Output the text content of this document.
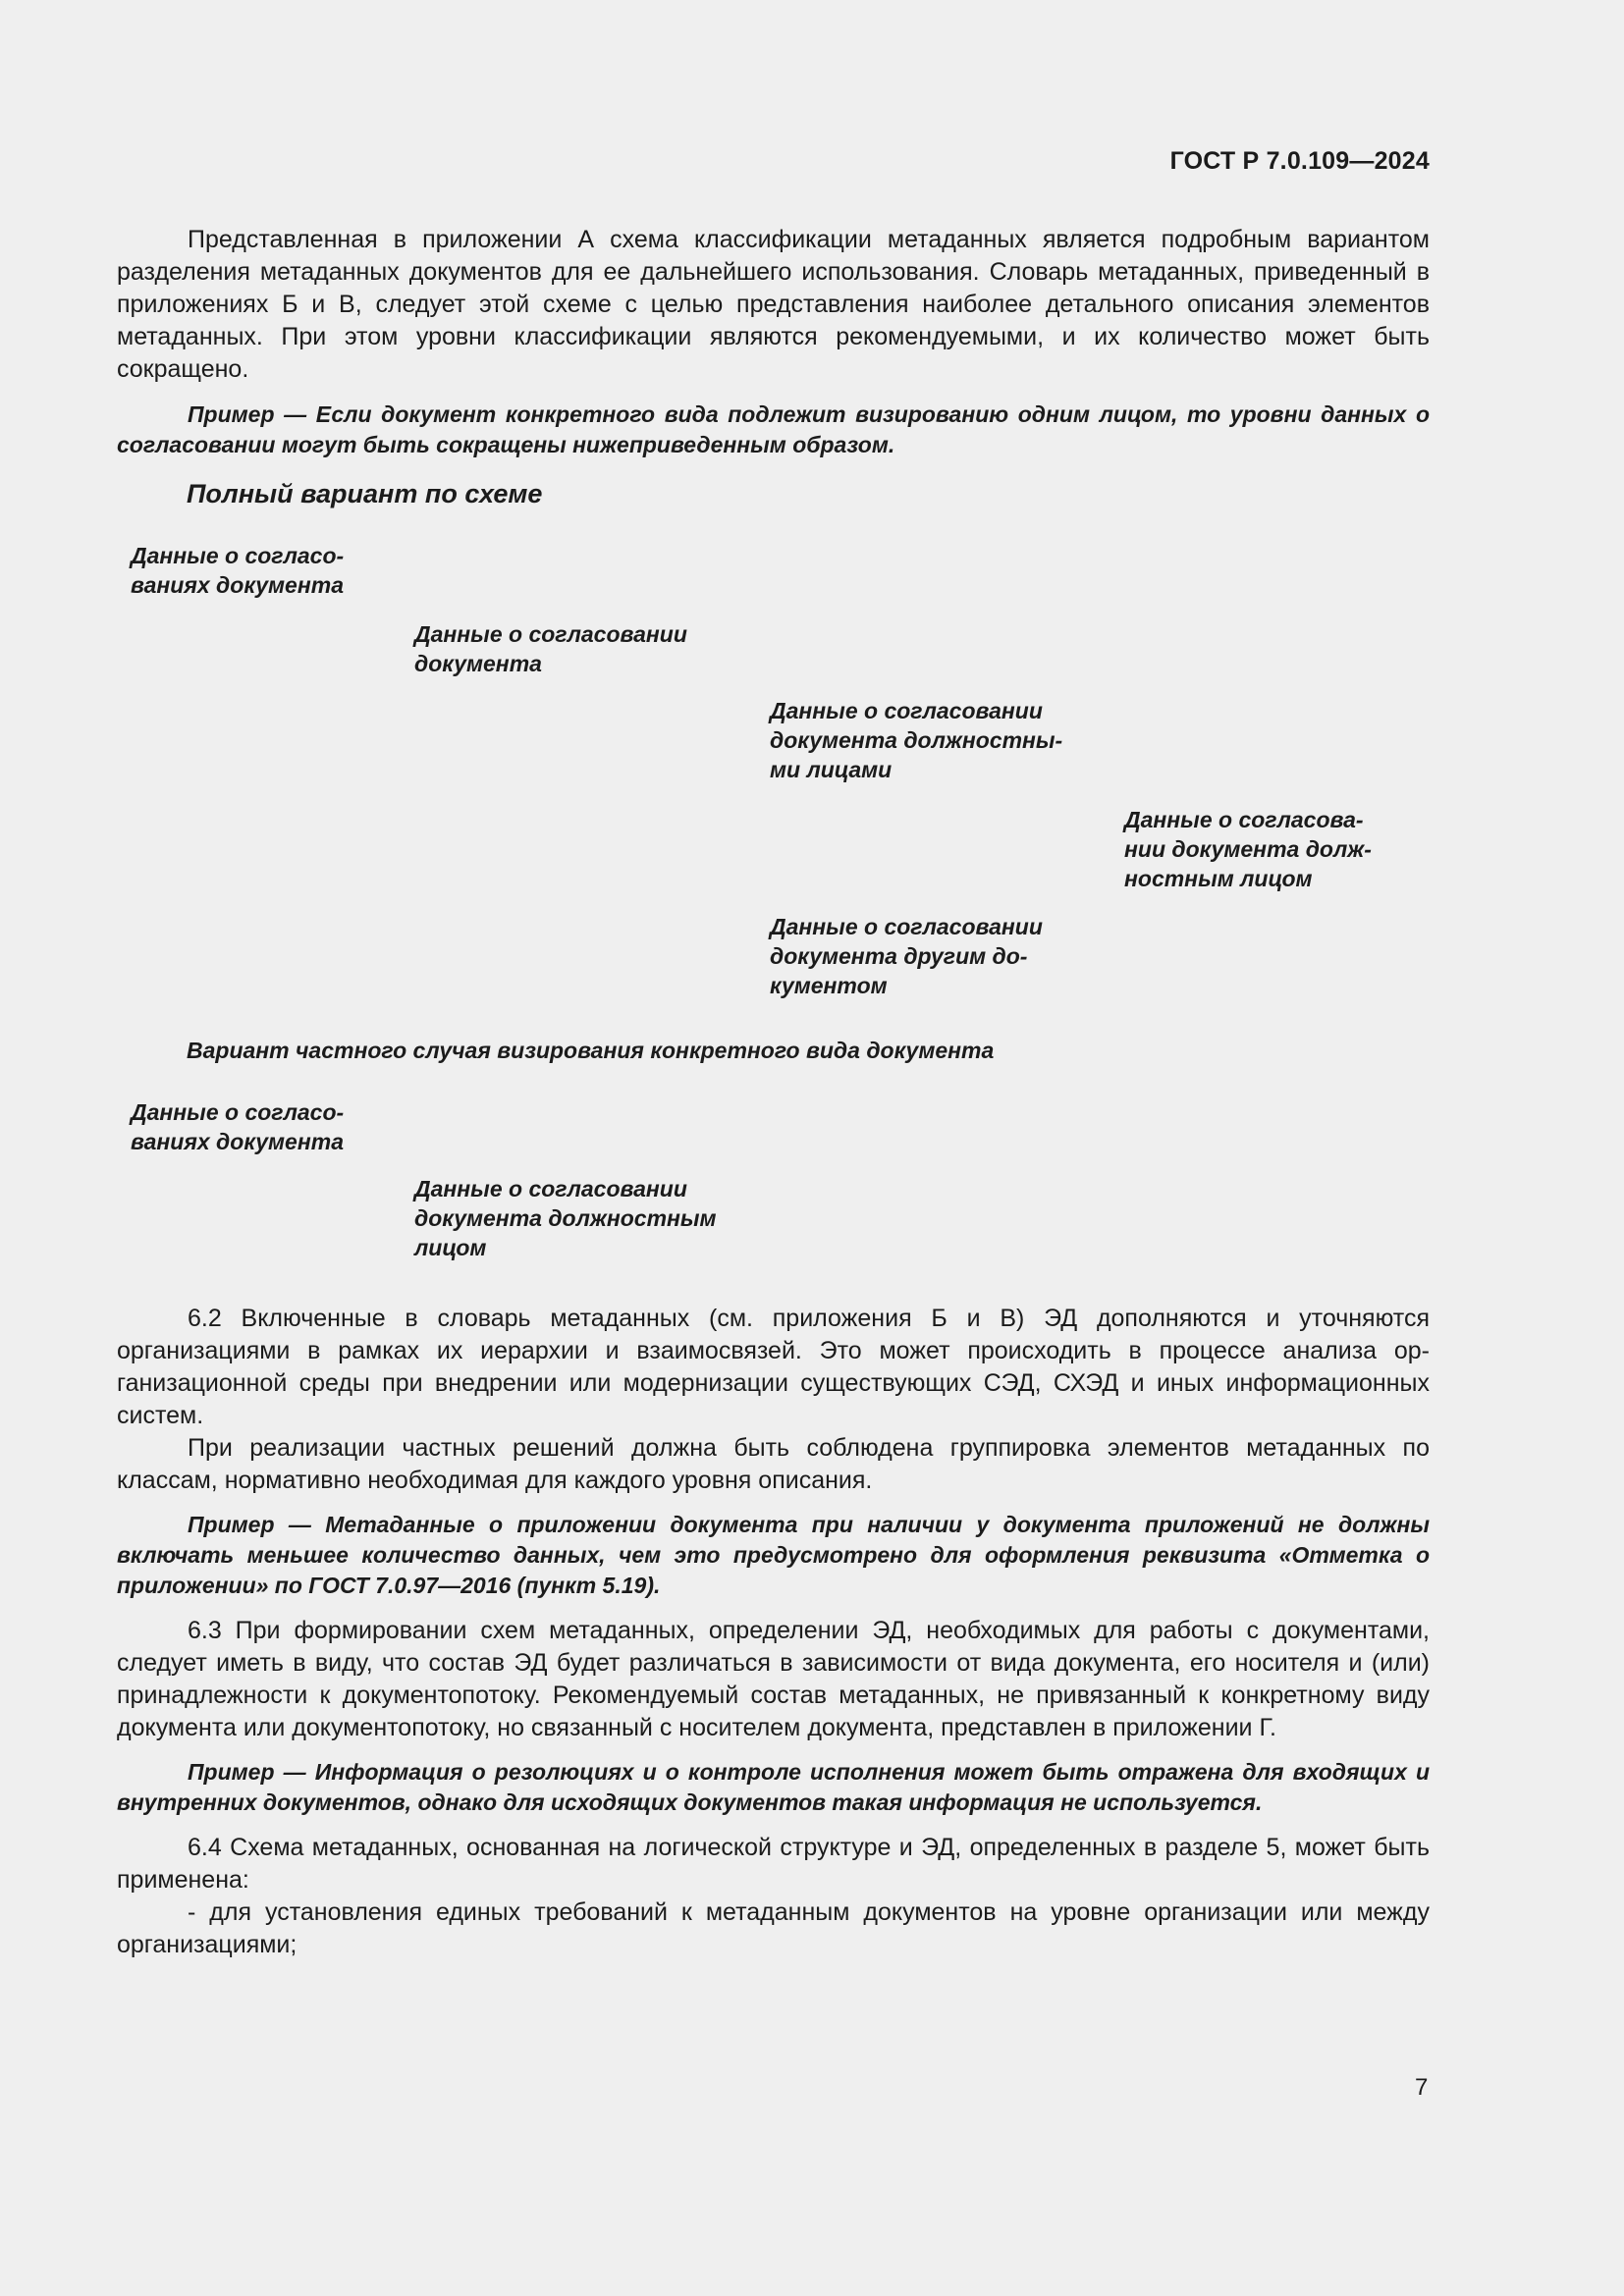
ГОСТ Р 7.0.109—2024

Представленная в приложении А схема классификации метаданных является подробным вариантом разделения метаданных документов для ее дальнейшего использования. Словарь метаданных, приведенный в приложениях Б и В, следует этой схеме с целью представления наиболее детального описания элементов метаданных. При этом уровни классификации являются рекомендуемыми, и их количество может быть сокращено.

Пример — Если документ конкретного вида подлежит визированию одним лицом, то уровни данных о согласовании могут быть сокращены нижеприведенным образом.

Полный вариант по схеме
Данные о согласо-
ваниях документа
Данные о согласовании
документа
Данные о согласовании
документа должностны-
ми лицами
Данные о согласова-
нии документа долж-
ностным лицом
Данные о согласовании
документа другим до-
кументом
Вариант частного случая визирования конкретного вида документа
Данные о согласо-
ваниях документа
Данные о согласовании
документа должностным
лицом

6.2 Включенные в словарь метаданных (см. приложения Б и В) ЭД дополняются и уточняются организациями в рамках их иерархии и взаимосвязей. Это может происходить в процессе анализа организационной среды при внедрении или модернизации существующих СЭД, СХЭД и иных информационных систем.

При реализации частных решений должна быть соблюдена группировка элементов метаданных по классам, нормативно необходимая для каждого уровня описания.

Пример — Метаданные о приложении документа при наличии у документа приложений не должны включать меньшее количество данных, чем это предусмотрено для оформления реквизита «Отметка о приложении» по ГОСТ 7.0.97—2016 (пункт 5.19).

6.3 При формировании схем метаданных, определении ЭД, необходимых для работы с документами, следует иметь в виду, что состав ЭД будет различаться в зависимости от вида документа, его носителя и (или) принадлежности к документопотоку. Рекомендуемый состав метаданных, не привязанный к конкретному виду документа или документопотоку, но связанный с носителем документа, представлен в приложении Г.

Пример — Информация о резолюциях и о контроле исполнения может быть отражена для входящих и внутренних документов, однако для исходящих документов такая информация не используется.

6.4 Схема метаданных, основанная на логической структуре и ЭД, определенных в разделе 5, может быть применена:

- для установления единых требований к метаданным документов на уровне организации или между организациями;

7
